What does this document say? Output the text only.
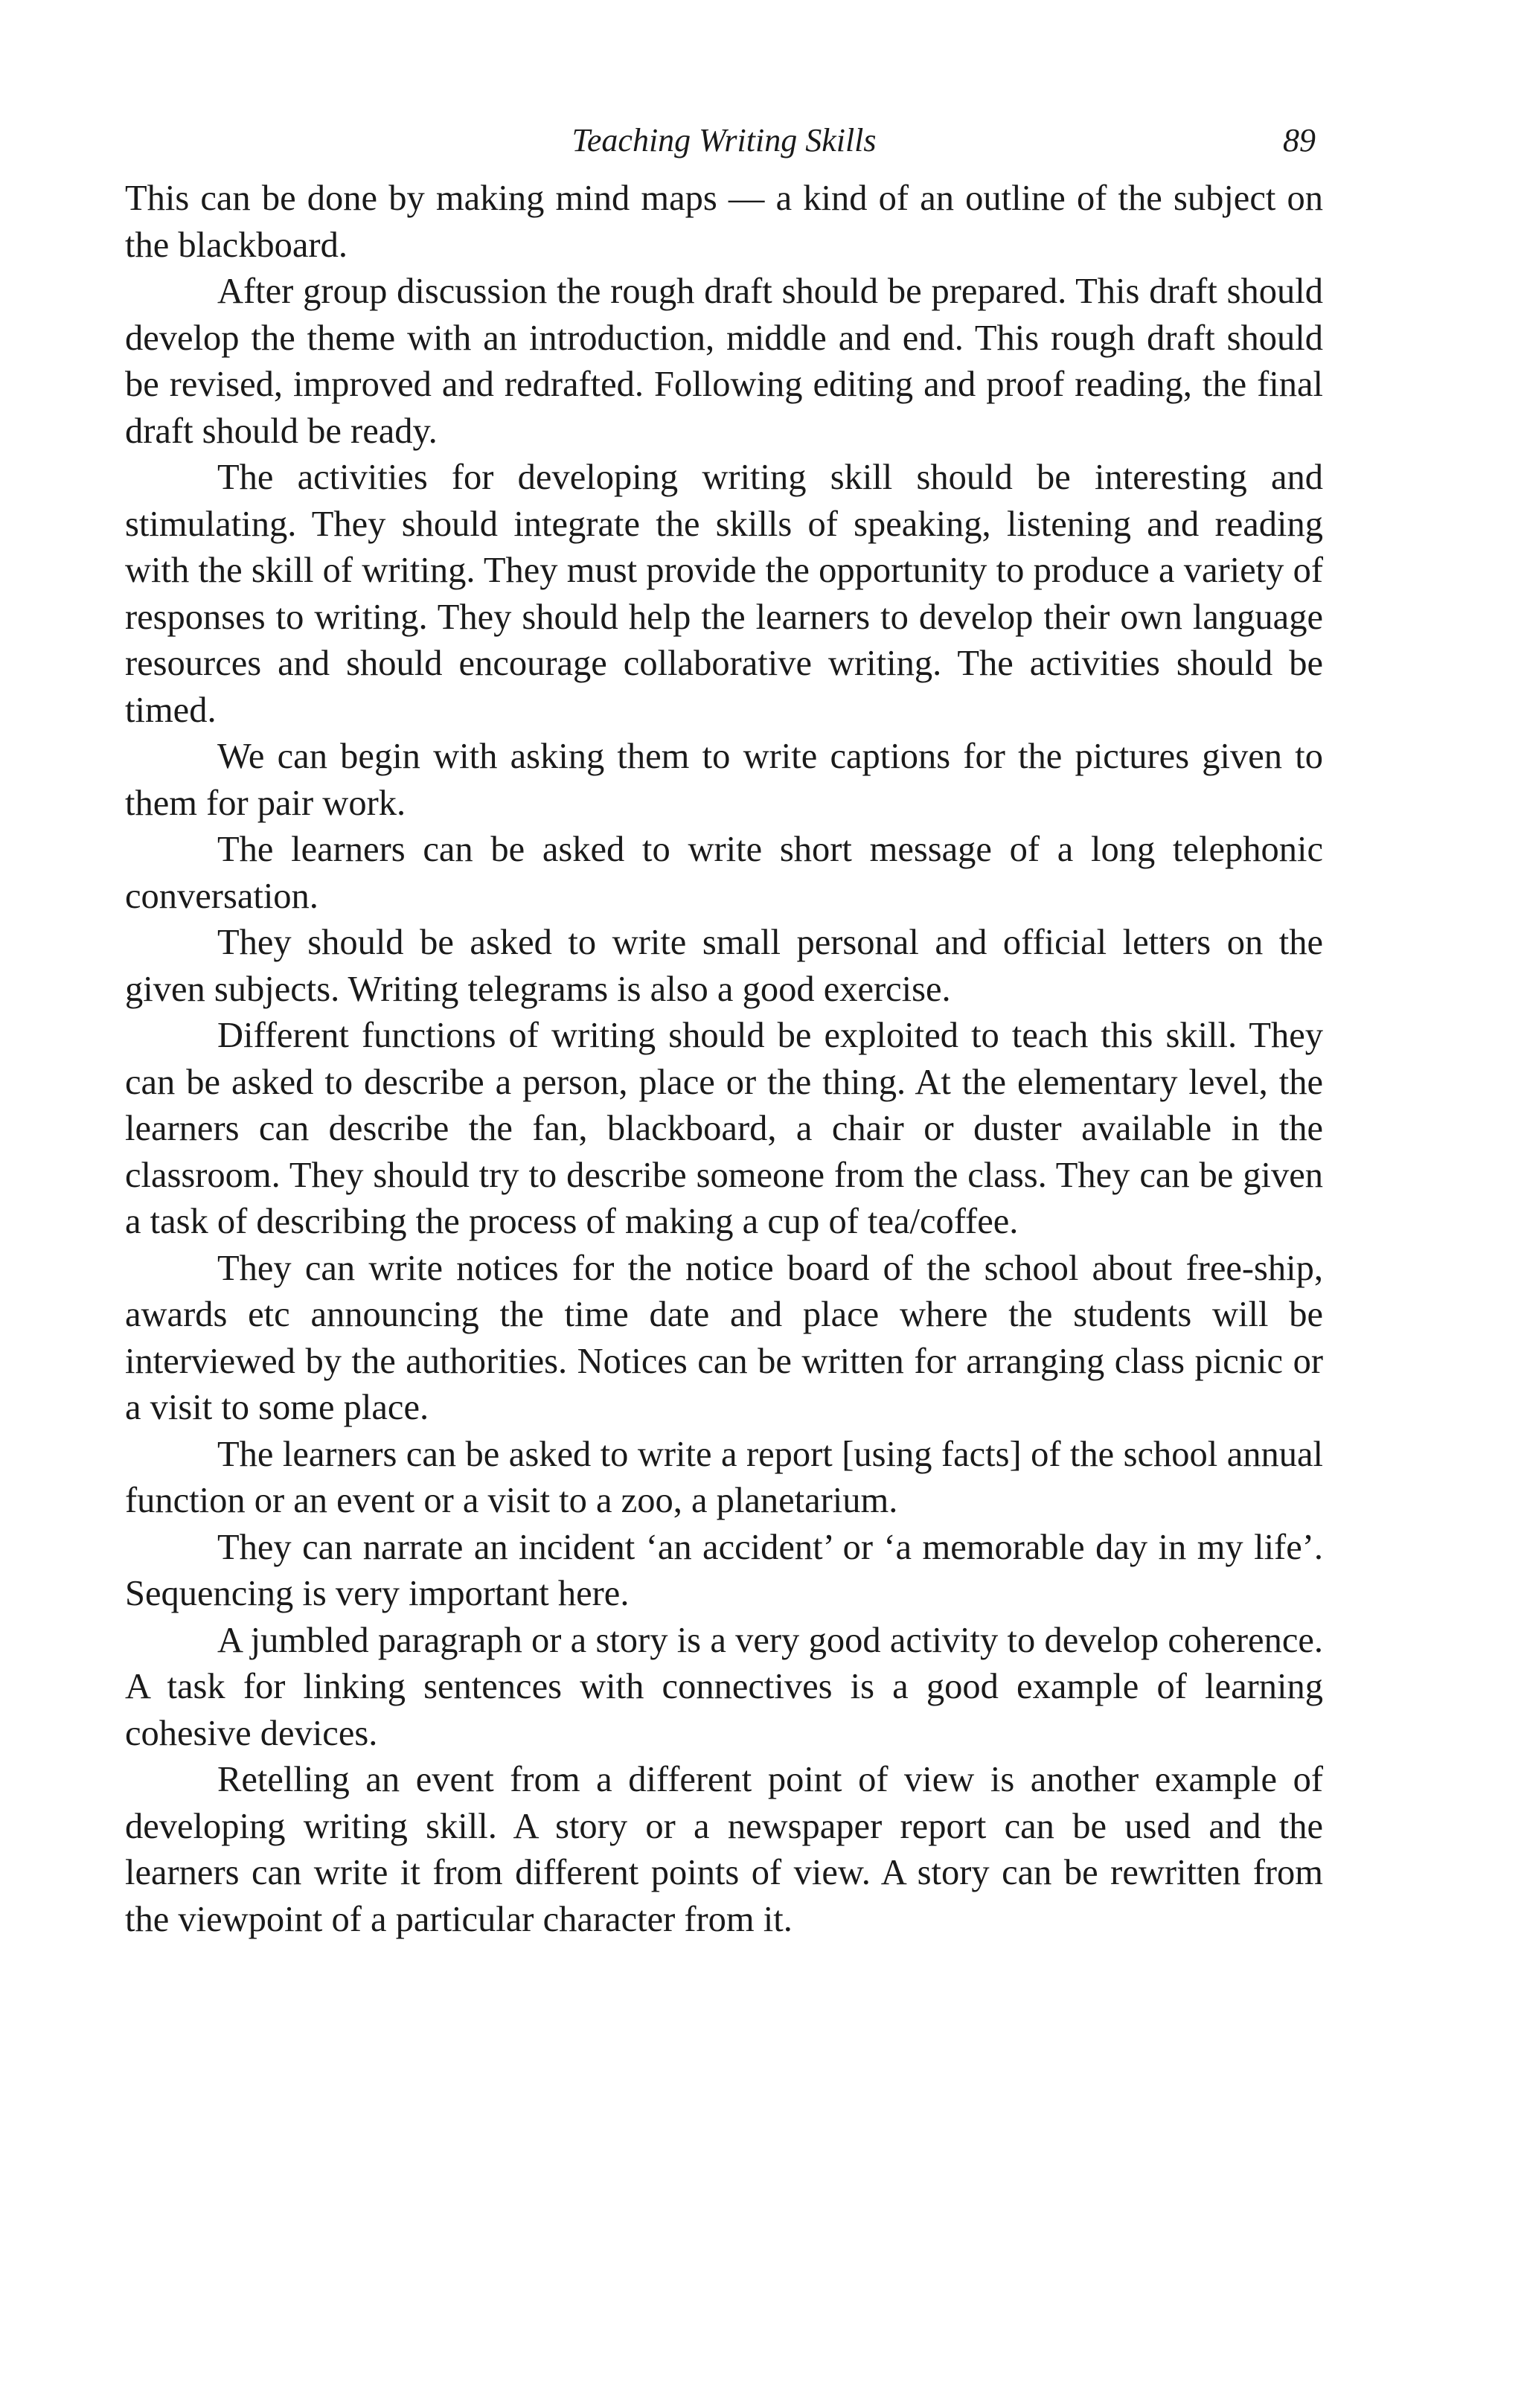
Teaching Writing Skills	89

This can be done by making mind maps — a kind of an outline of the subject on the blackboard.

After group discussion the rough draft should be prepared. This draft should develop the theme with an introduction, middle and end. This rough draft should be revised, improved and redrafted. Following editing and proof reading, the final draft should be ready.

The activities for developing writing skill should be interesting and stimulating. They should integrate the skills of speaking, listening and reading with the skill of writing. They must provide the opportunity to produce a variety of responses to writing. They should help the learners to develop their own language resources and should encourage collaborative writing. The activities should be timed.

We can begin with asking them to write captions for the pictures given to them for pair work.

The learners can be asked to write short message of a long telephonic conversation.

They should be asked to write small personal and official letters on the given subjects. Writing telegrams is also a good exercise.

Different functions of writing should be exploited to teach this skill. They can be asked to describe a person, place or the thing. At the elementary level, the learners can describe the fan, blackboard, a chair or duster available in the classroom. They should try to describe someone from the class. They can be given a task of describing the process of making a cup of tea/coffee.

They can write notices for the notice board of the school about free-ship, awards etc announcing the time date and place where the students will be interviewed by the authorities. Notices can be written for arranging class picnic or a visit to some place.

The learners can be asked to write a report [using facts] of the school annual function or an event or a visit to a zoo, a planetarium.

They can narrate an incident ‘an accident’ or ‘a memorable day in my life’. Sequencing is very important here.

A jumbled paragraph or a story is a very good activity to develop coherence. A task for linking sentences with connectives is a good example of learning cohesive devices.

Retelling an event from a different point of view is another example of developing writing skill. A story or a newspaper report can be used and the learners can write it from different points of view. A story can be rewritten from the viewpoint of a particular character from it.
